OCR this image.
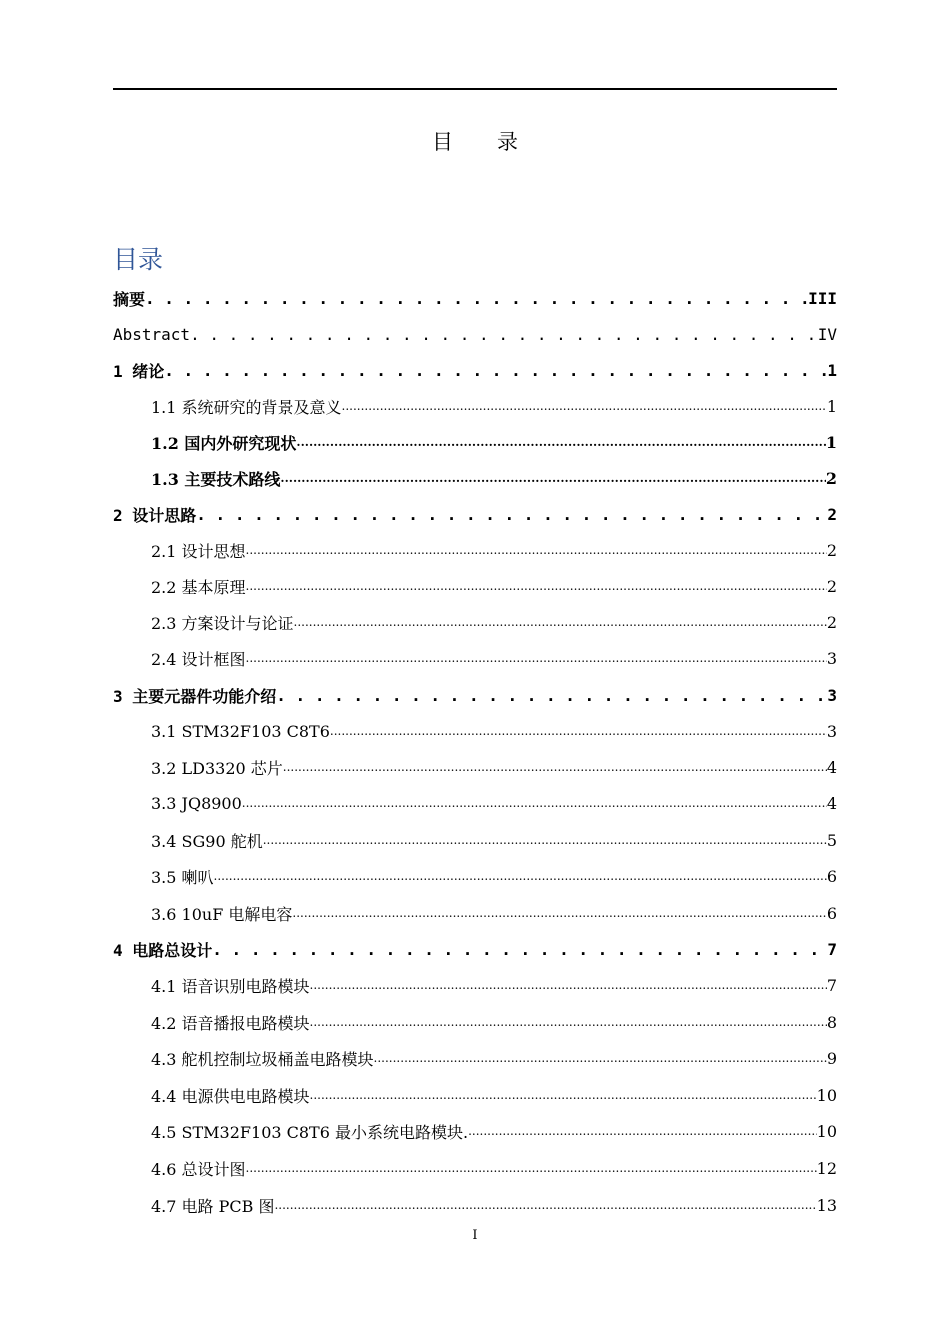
目 录
目录
摘要 . . .	III
Abstract . . .	IV
1 绪论 . . .	1
1.1 系统研究的背景及意义 .....	1
1.2 国内外研究现状 .....	1
1.3 主要技术路线 .....	2
2 设计思路 . . .	2
2.1 设计思想 .....	2
2.2 基本原理 .....	2
2.3 方案设计与论证 .....	2
2.4 设计框图 .....	3
3 主要元器件功能介绍 . . .	3
3.1 STM32F103 C8T6 .....	3
3.2 LD3320 芯片 .....	4
3.3 JQ8900 .....	4
3.4 SG90 舵机 .....	5
3.5 喇叭 .....	6
3.6 10uF 电解电容 .....	6
4 电路总设计 . . .	7
4.1 语音识别电路模块 .....	7
4.2 语音播报电路模块 .....	8
4.3 舵机控制垃圾桶盖电路模块 .....	9
4.4 电源供电电路模块 .....	10
4.5 STM32F103 C8T6 最小系统电路模块. .....	10
4.6 总设计图 .....	12
4.7 电路 PCB 图 .....	13
I
